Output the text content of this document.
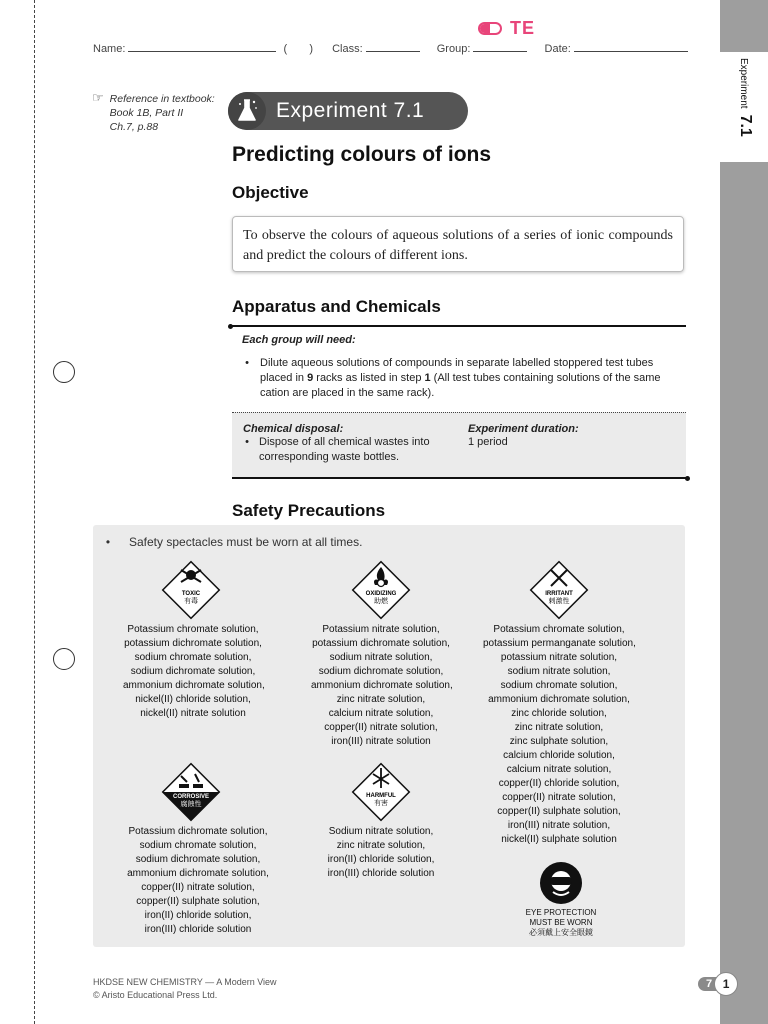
Experiment
7.1
TE
Name:	( ) Class:	Group:	Date:
☞ Reference in textbook:
Book 1B, Part II
Ch.7, p.88
Experiment 7.1
Predicting colours of ions
Objective
To observe the colours of aqueous solutions of a series of ionic compounds and predict the colours of different ions.
Apparatus and Chemicals
Each group will need:
• Dilute aqueous solutions of compounds in separate labelled stoppered test tubes placed in 9 racks as listed in step 1 (All test tubes containing solutions of the same cation are placed in the same rack).
Chemical disposal:
• Dispose of all chemical wastes into corresponding waste bottles.
Experiment duration:
1 period
Safety Precautions
• Safety spectacles must be worn at all times.
TOXIC
有毒
Potassium chromate solution,
potassium dichromate solution,
sodium chromate solution,
sodium dichromate solution,
ammonium dichromate solution,
nickel(II) chloride solution,
nickel(II) nitrate solution
OXIDIZING
助燃
Potassium nitrate solution,
potassium dichromate solution,
sodium nitrate solution,
sodium dichromate solution,
ammonium dichromate solution,
zinc nitrate solution,
calcium nitrate solution,
copper(II) nitrate solution,
iron(III) nitrate solution
IRRITANT
刺激性
Potassium chromate solution,
potassium permanganate solution,
potassium nitrate solution,
sodium nitrate solution,
sodium chromate solution,
ammonium dichromate solution,
zinc chloride solution,
zinc nitrate solution,
zinc sulphate solution,
calcium chloride solution,
calcium nitrate solution,
copper(II) chloride solution,
copper(II) nitrate solution,
copper(II) sulphate solution,
iron(III) nitrate solution,
nickel(II) sulphate solution
CORROSIVE
腐蝕性
Potassium dichromate solution,
sodium chromate solution,
sodium dichromate solution,
ammonium dichromate solution,
copper(II) nitrate solution,
copper(II) sulphate solution,
iron(II) chloride solution,
iron(III) chloride solution
HARMFUL
有害
Sodium nitrate solution,
zinc nitrate solution,
iron(II) chloride solution,
iron(III) chloride solution
EYE PROTECTION
MUST BE WORN
必須戴上安全眼鏡
HKDSE NEW CHEMISTRY — A Modern View
© Aristo Educational Press Ltd.
7 1
